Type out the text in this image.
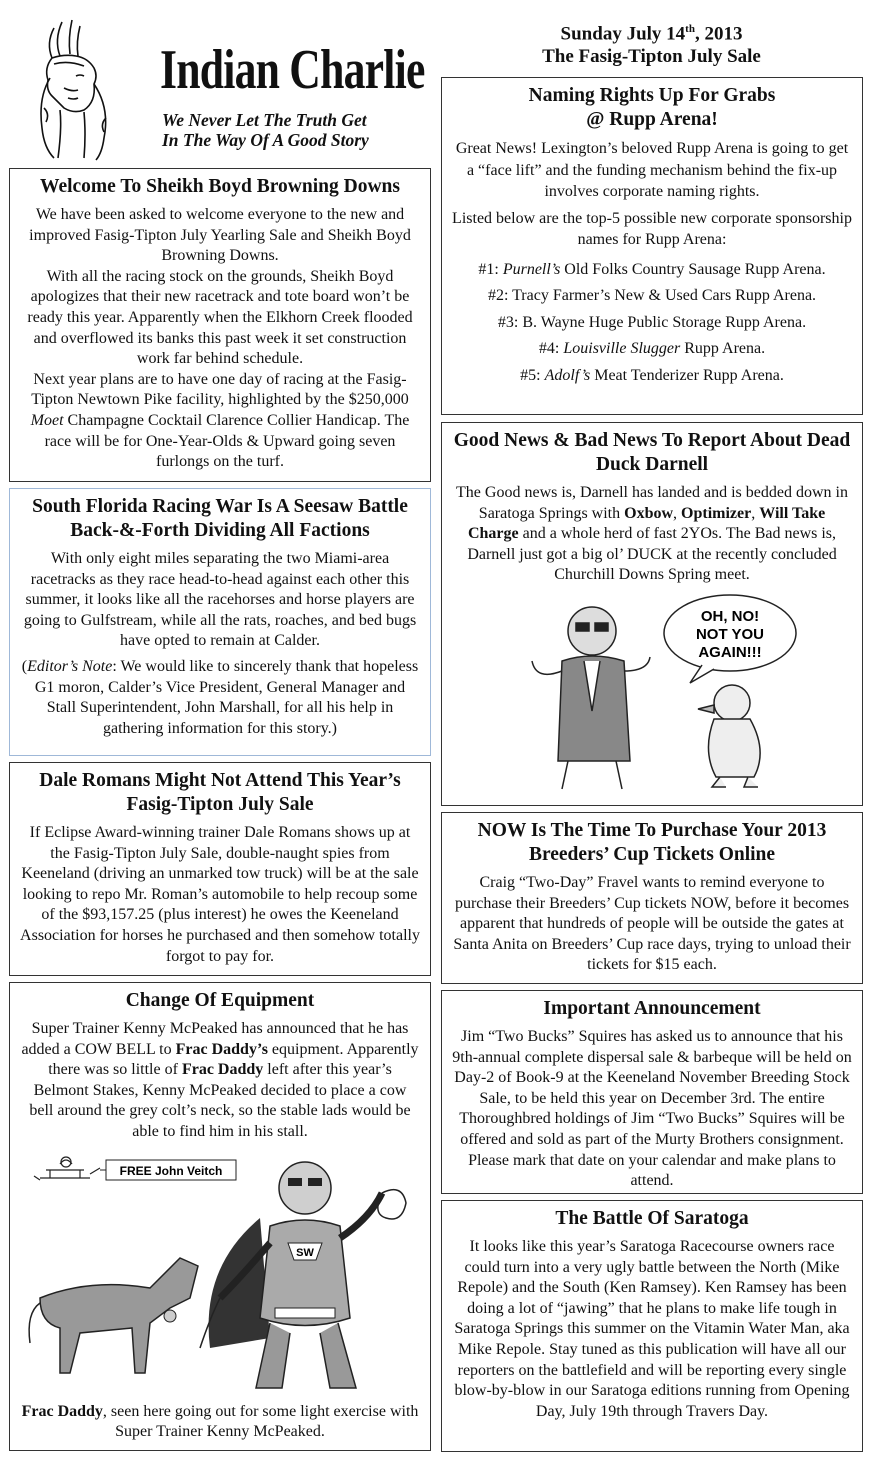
Indian Charlie
We Never Let The Truth Get
In The Way Of A Good Story
Sunday July 14th, 2013
The Fasig-Tipton July Sale
Welcome To Sheikh Boyd Browning Downs

We have been asked to welcome everyone to the new and improved Fasig-Tipton July Yearling Sale and Sheikh Boyd Browning Downs.

With all the racing stock on the grounds, Sheikh Boyd apologizes that their new racetrack and tote board won’t be ready this year. Apparently when the Elkhorn Creek flooded and overflowed its banks this past week it set construction work far behind schedule.

Next year plans are to have one day of racing at the Fasig-Tipton Newtown Pike facility, highlighted by the $250,000 Moet Champagne Cocktail Clarence Collier Handicap. The race will be for One-Year-Olds & Upward going seven furlongs on the turf.

South Florida Racing War Is A Seesaw Battle Back-&-Forth Dividing All Factions

With only eight miles separating the two Miami-area racetracks as they race head-to-head against each other this summer, it looks like all the racehorses and horse players are going to Gulfstream, while all the rats, roaches, and bed bugs have opted to remain at Calder.

(Editor’s Note: We would like to sincerely thank that hopeless G1 moron, Calder’s Vice President, General Manager and Stall Superintendent, John Marshall, for all his help in gathering information for this story.)

Dale Romans Might Not Attend This Year’s Fasig-Tipton July Sale

If Eclipse Award-winning trainer Dale Romans shows up at the Fasig-Tipton July Sale, double-naught spies from Keeneland (driving an unmarked tow truck) will be at the sale looking to repo Mr. Roman’s automobile to help recoup some of the $93,157.25 (plus interest) he owes the Keeneland Association for horses he purchased and then somehow totally forgot to pay for.

Change Of Equipment

Super Trainer Kenny McPeaked has announced that he has added a COW BELL to Frac Daddy’s equipment. Apparently there was so little of Frac Daddy left after this year’s Belmont Stakes, Kenny McPeaked decided to place a cow bell around the grey colt’s neck, so the stable lads would be able to find him in his stall.

FREE John Veitch
SW

Frac Daddy, seen here going out for some light exercise with Super Trainer Kenny McPeaked.

Naming Rights Up For Grabs
@ Rupp Arena!

Great News! Lexington’s beloved Rupp Arena is going to get a “face lift” and the funding mechanism behind the fix-up involves corporate naming rights.

Listed below are the top-5 possible new corporate sponsorship names for Rupp Arena:

#1: Purnell’s Old Folks Country Sausage Rupp Arena.

#2: Tracy Farmer’s New & Used Cars Rupp Arena.

#3: B. Wayne Huge Public Storage Rupp Arena.

#4: Louisville Slugger Rupp Arena.

#5: Adolf’s Meat Tenderizer Rupp Arena.

Good News & Bad News To Report About Dead Duck Darnell

The Good news is, Darnell has landed and is bedded down in Saratoga Springs with Oxbow, Optimizer, Will Take Charge and a whole herd of fast 2YOs. The Bad news is, Darnell just got a big ol’ DUCK at the recently concluded Churchill Downs Spring meet.

OH, NO!
NOT YOU
AGAIN!!!
NOW Is The Time To Purchase Your 2013 Breeders’ Cup Tickets Online

Craig “Two-Day” Fravel wants to remind everyone to purchase their Breeders’ Cup tickets NOW, before it becomes apparent that hundreds of people will be outside the gates at Santa Anita on Breeders’ Cup race days, trying to unload their tickets for $15 each.

Important Announcement

Jim “Two Bucks” Squires has asked us to announce that his 9th-annual complete dispersal sale & barbeque will be held on Day-2 of Book-9 at the Keeneland November Breeding Stock Sale, to be held this year on December 3rd. The entire Thoroughbred holdings of Jim “Two Bucks” Squires will be offered and sold as part of the Murty Brothers consignment. Please mark that date on your calendar and make plans to attend.

The Battle Of Saratoga

It looks like this year’s Saratoga Racecourse owners race could turn into a very ugly battle between the North (Mike Repole) and the South (Ken Ramsey). Ken Ramsey has been doing a lot of “jawing” that he plans to make life tough in Saratoga Springs this summer on the Vitamin Water Man, aka Mike Repole. Stay tuned as this publication will have all our reporters on the battlefield and will be reporting every single blow-by-blow in our Saratoga editions running from Opening Day, July 19th through Travers Day.
